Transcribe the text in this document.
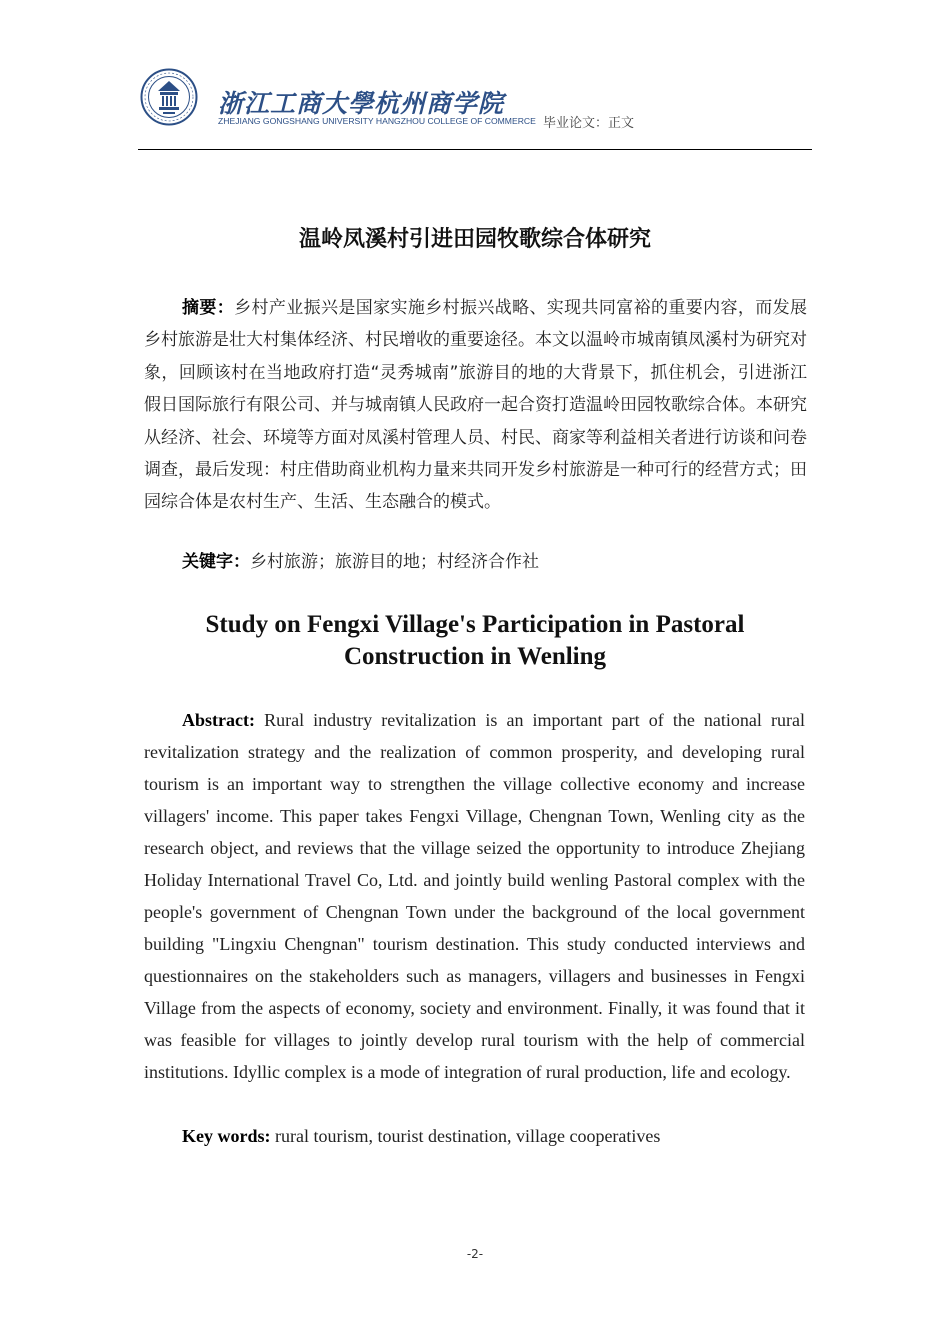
浙江工商大學杭州商学院
ZHEJIANG GONGSHANG UNIVERSITY HANGZHOU COLLEGE OF COMMERCE 毕业论文：正文
温岭凤溪村引进田园牧歌综合体研究

摘要：乡村产业振兴是国家实施乡村振兴战略、实现共同富裕的重要内容，而发展乡村旅游是壮大村集体经济、村民增收的重要途径。本文以温岭市城南镇凤溪村为研究对象，回顾该村在当地政府打造“灵秀城南”旅游目的地的大背景下，抓住机会，引进浙江假日国际旅行有限公司、并与城南镇人民政府一起合资打造温岭田园牧歌综合体。本研究从经济、社会、环境等方面对凤溪村管理人员、村民、商家等利益相关者进行访谈和问卷调查，最后发现：村庄借助商业机构力量来共同开发乡村旅游是一种可行的经营方式；田园综合体是农村生产、生活、生态融合的模式。

关键字：乡村旅游；旅游目的地；村经济合作社

Study on Fengxi Village's Participation in Pastoral Construction in Wenling

Abstract: Rural industry revitalization is an important part of the national rural revitalization strategy and the realization of common prosperity, and developing rural tourism is an important way to strengthen the village collective economy and increase villagers' income. This paper takes Fengxi Village, Chengnan Town, Wenling city as the research object, and reviews that the village seized the opportunity to introduce Zhejiang Holiday International Travel Co, Ltd. and jointly build wenling Pastoral complex with the people's government of Chengnan Town under the background of the local government building "Lingxiu Chengnan" tourism destination. This study conducted interviews and questionnaires on the stakeholders such as managers, villagers and businesses in Fengxi Village from the aspects of economy, society and environment. Finally, it was found that it was feasible for villages to jointly develop rural tourism with the help of commercial institutions. Idyllic complex is a mode of integration of rural production, life and ecology.

Key words: rural tourism, tourist destination, village cooperatives

-2-
